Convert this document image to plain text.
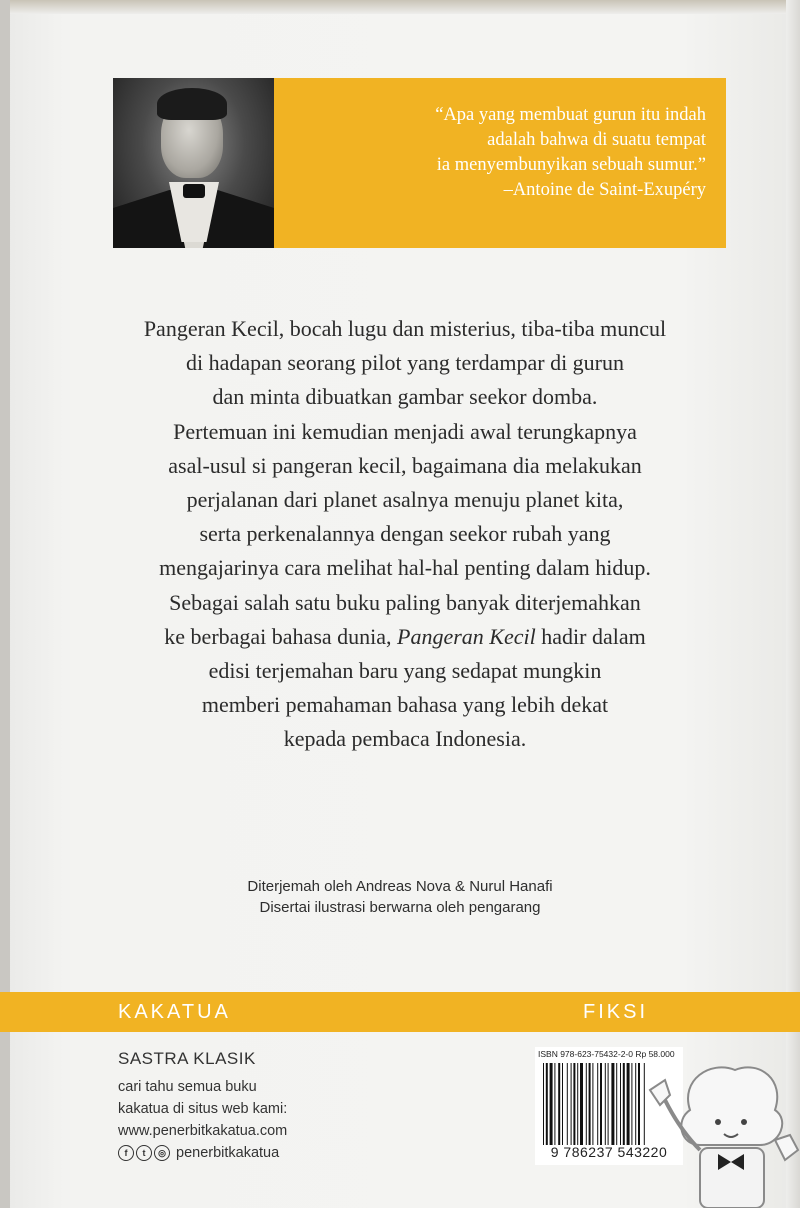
“Apa yang membuat gurun itu indah
adalah bahwa di suatu tempat
ia menyembunyikan sebuah sumur.”
–Antoine de Saint-Exupéry

Pangeran Kecil, bocah lugu dan misterius, tiba-tiba muncul

di hadapan seorang pilot yang terdampar di gurun

dan minta dibuatkan gambar seekor domba.

Pertemuan ini kemudian menjadi awal terungkapnya

asal-usul si pangeran kecil, bagaimana dia melakukan

perjalanan dari planet asalnya menuju planet kita,

serta perkenalannya dengan seekor rubah yang

mengajarinya cara melihat hal-hal penting dalam hidup.

Sebagai salah satu buku paling banyak diterjemahkan

ke berbagai bahasa dunia, Pangeran Kecil hadir dalam

edisi terjemahan baru yang sedapat mungkin

memberi pemahaman bahasa yang lebih dekat

kepada pembaca Indonesia.

Diterjemah oleh Andreas Nova & Nurul Hanafi
Disertai ilustrasi berwarna oleh pengarang
KAKATUA	FIKSI
SASTRA KLASIK
cari tahu semua buku
kakatua di situs web kami:
www.penerbitkakatua.com
f	t	◎ penerbitkakatua
ISBN 978-623-75432-2-0 Rp 58.000
9 786237 543220
